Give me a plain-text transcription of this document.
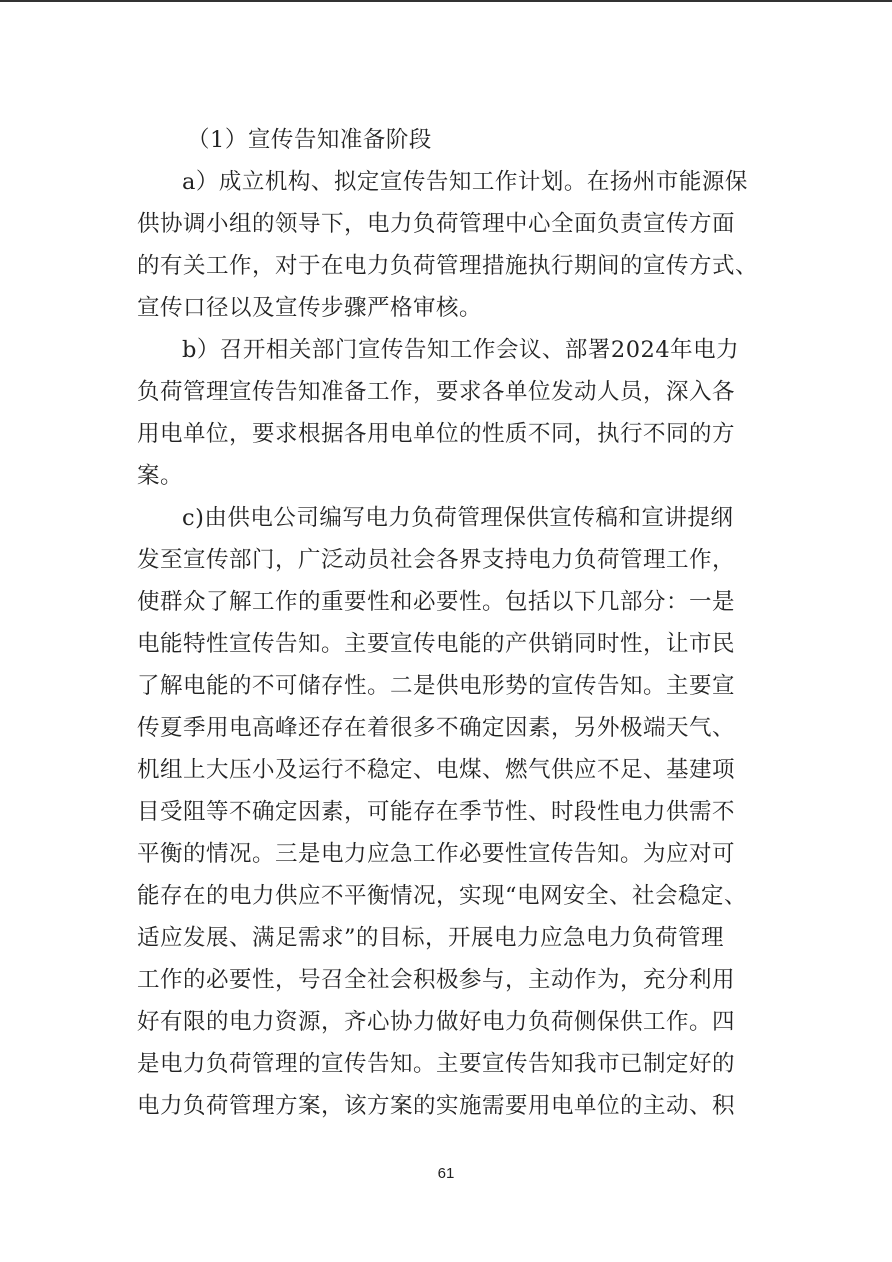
（1）宣传告知准备阶段
a）成立机构、拟定宣传告知工作计划。在扬州市能源保
供协调小组的领导下，电力负荷管理中心全面负责宣传方面
的有关工作，对于在电力负荷管理措施执行期间的宣传方式、
宣传口径以及宣传步骤严格审核。
b）召开相关部门宣传告知工作会议、部署2024年电力
负荷管理宣传告知准备工作，要求各单位发动人员，深入各
用电单位，要求根据各用电单位的性质不同，执行不同的方
案。
c)由供电公司编写电力负荷管理保供宣传稿和宣讲提纲
发至宣传部门，广泛动员社会各界支持电力负荷管理工作，
使群众了解工作的重要性和必要性。包括以下几部分：一是
电能特性宣传告知。主要宣传电能的产供销同时性，让市民
了解电能的不可储存性。二是供电形势的宣传告知。主要宣
传夏季用电高峰还存在着很多不确定因素，另外极端天气、
机组上大压小及运行不稳定、电煤、燃气供应不足、基建项
目受阻等不确定因素，可能存在季节性、时段性电力供需不
平衡的情况。三是电力应急工作必要性宣传告知。为应对可
能存在的电力供应不平衡情况，实现“电网安全、社会稳定、
适应发展、满足需求”的目标，开展电力应急电力负荷管理
工作的必要性，号召全社会积极参与，主动作为，充分利用
好有限的电力资源，齐心协力做好电力负荷侧保供工作。四
是电力负荷管理的宣传告知。主要宣传告知我市已制定好的
电力负荷管理方案，该方案的实施需要用电单位的主动、积
61
